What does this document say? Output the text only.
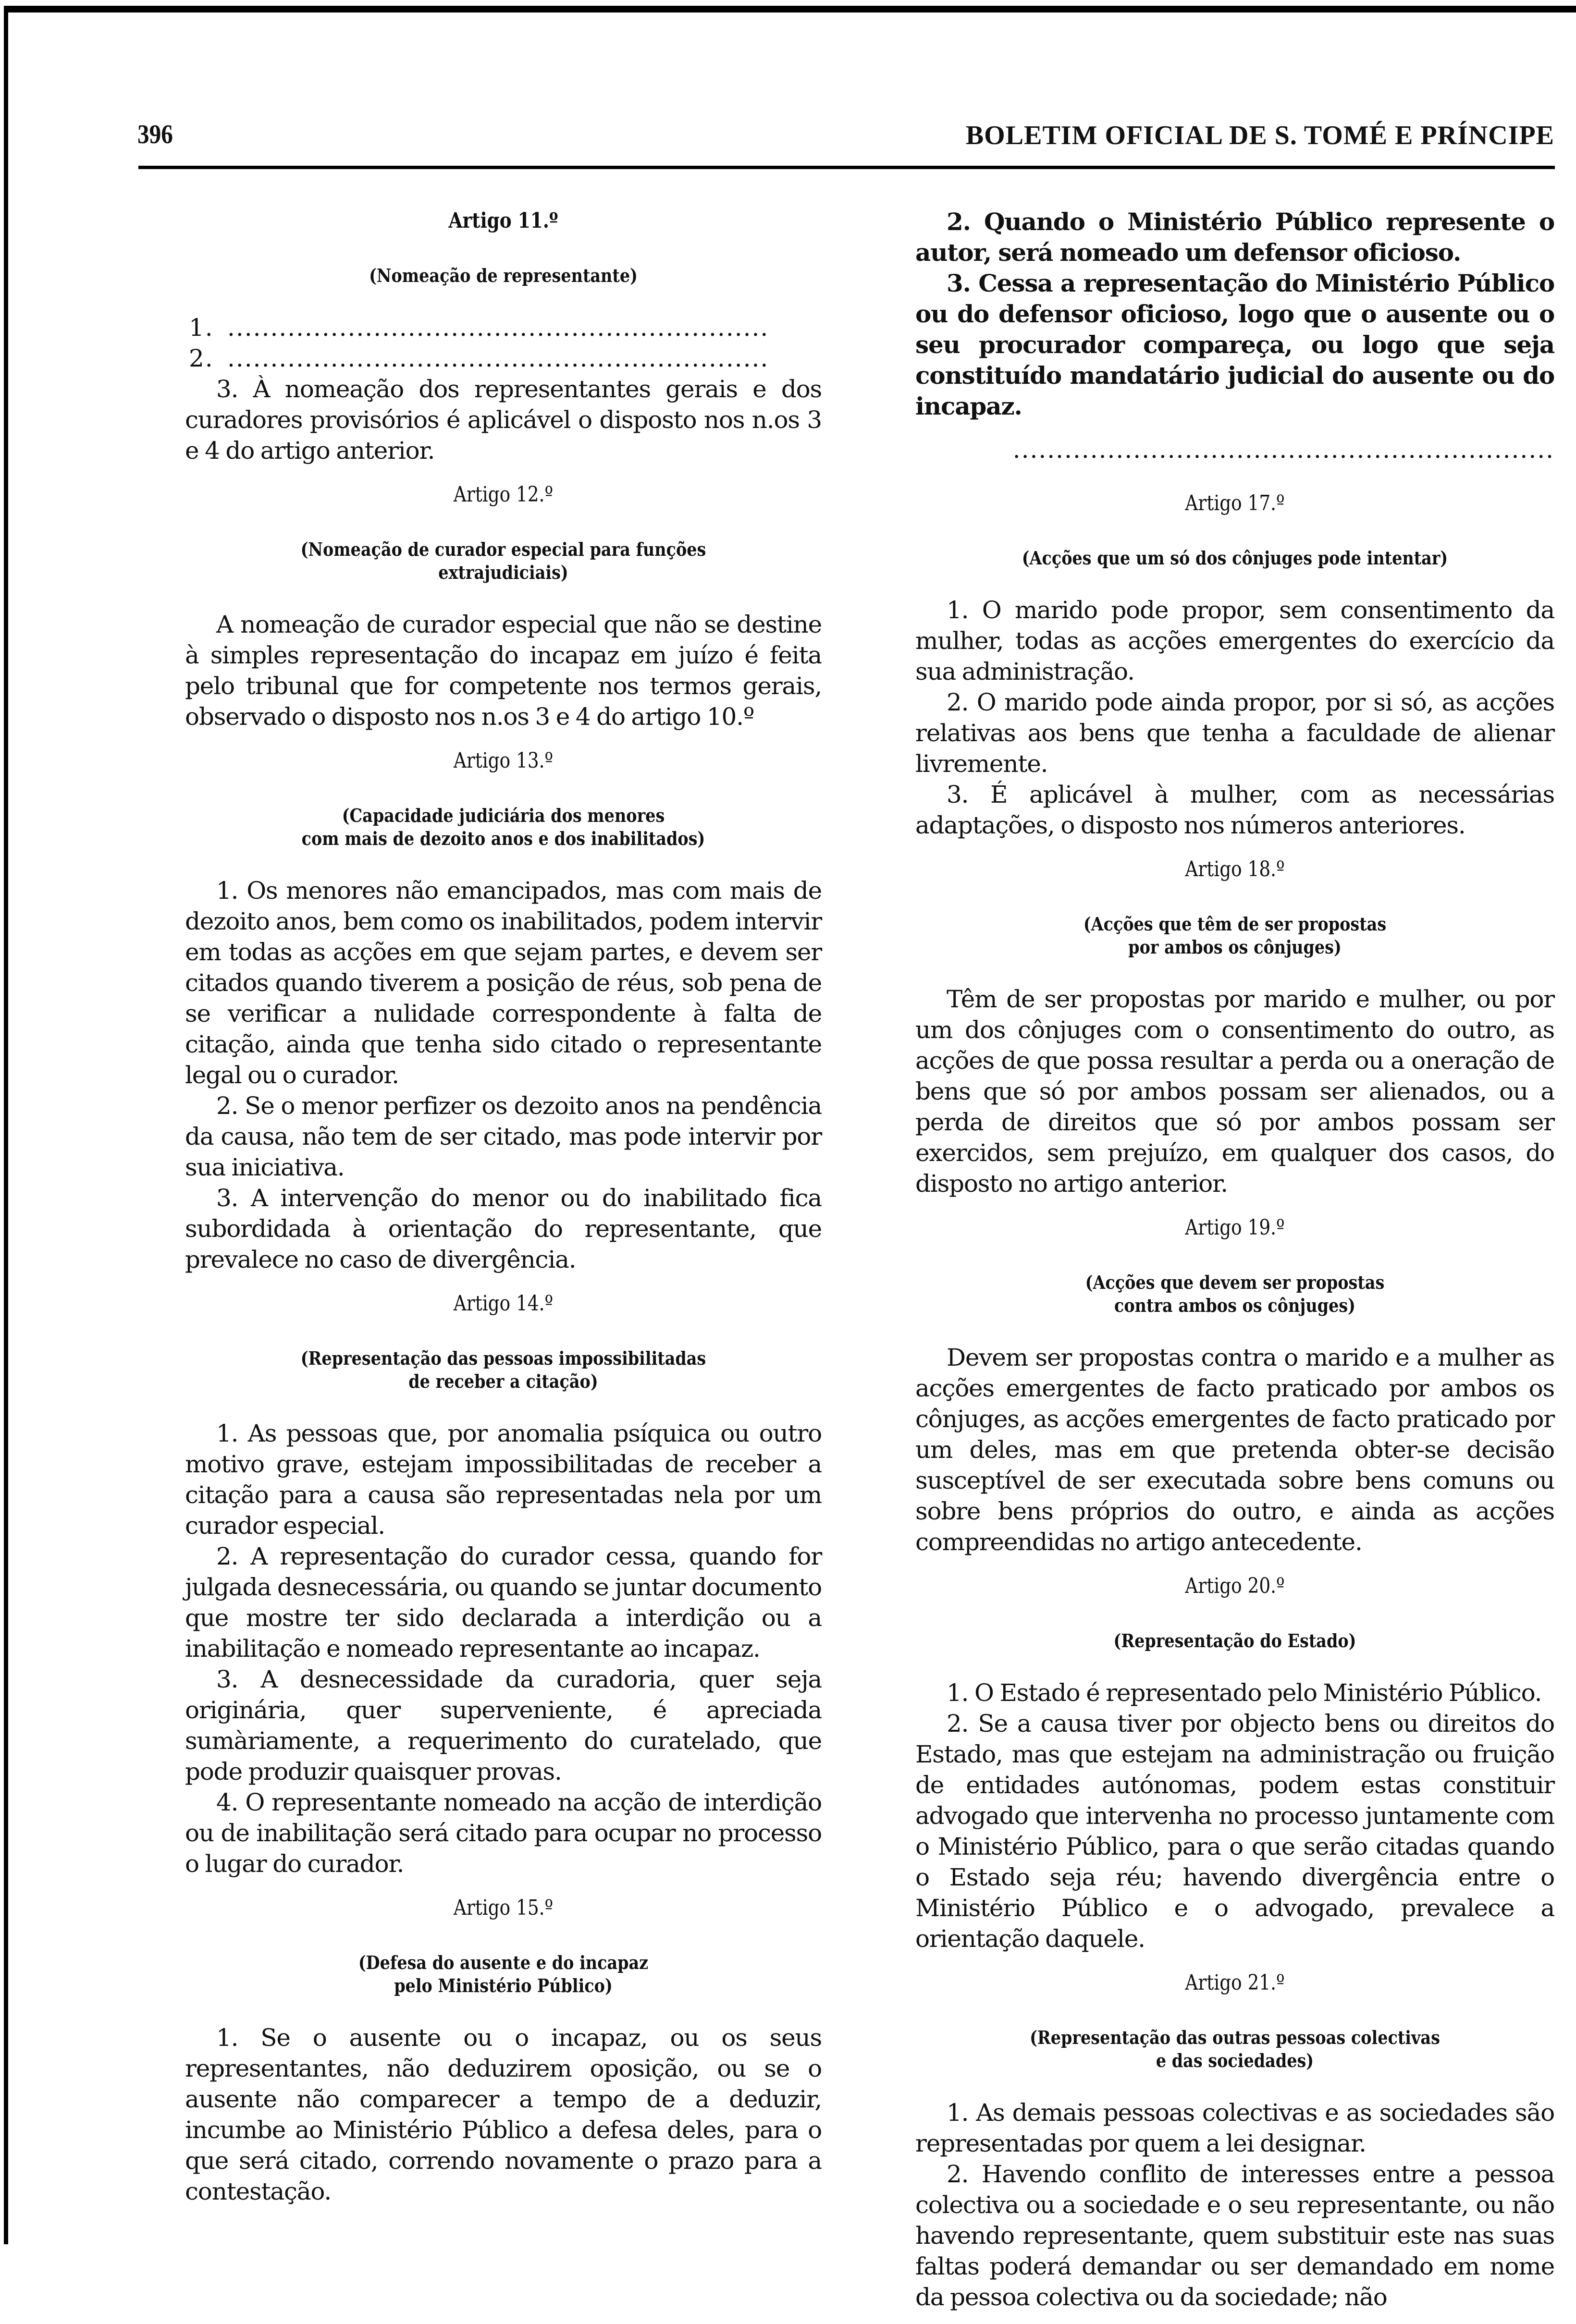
396	BOLETIM OFICIAL DE S. TOMÉ E PRÍNCIPE
Artigo 11.º
(Nomeação de representante)
1. ...............................................................
2. ...............................................................

3. À nomeação dos representantes gerais e dos curadores provisórios é aplicável o disposto nos n.os 3 e 4 do artigo anterior.

Artigo 12.º
(Nomeação de curador especial para funções
extrajudiciais)

A nomeação de curador especial que não se destine à simples representação do incapaz em juízo é feita pelo tribunal que for competente nos termos gerais, observado o disposto nos n.os 3 e 4 do artigo 10.º

Artigo 13.º
(Capacidade judiciária dos menores
com mais de dezoito anos e dos inabilitados)

1. Os menores não emancipados, mas com mais de dezoito anos, bem como os inabilitados, podem intervir em todas as acções em que sejam partes, e devem ser citados quando tiverem a posição de réus, sob pena de se verificar a nulidade correspondente à falta de citação, ainda que tenha sido citado o representante legal ou o curador.

2. Se o menor perfizer os dezoito anos na pendência da causa, não tem de ser citado, mas pode intervir por sua iniciativa.

3. A intervenção do menor ou do inabilitado fica subordidada à orientação do representante, que prevalece no caso de divergência.

Artigo 14.º
(Representação das pessoas impossibilitadas
de receber a citação)

1. As pessoas que, por anomalia psíquica ou outro motivo grave, estejam impossibilitadas de receber a citação para a causa são representadas nela por um curador especial.

2. A representação do curador cessa, quando for julgada desnecessária, ou quando se juntar documento que mostre ter sido declarada a interdição ou a inabilitação e nomeado representante ao incapaz.

3. A desnecessidade da curadoria, quer seja originária, quer superveniente, é apreciada sumàriamente, a requerimento do curatelado, que pode produzir quaisquer provas.

4. O representante nomeado na acção de interdição ou de inabilitação será citado para ocupar no processo o lugar do curador.

Artigo 15.º
(Defesa do ausente e do incapaz
pelo Ministério Público)

1. Se o ausente ou o incapaz, ou os seus representantes, não deduzirem oposição, ou se o ausente não comparecer a tempo de a deduzir, incumbe ao Ministério Público a defesa deles, para o que será citado, correndo novamente o prazo para a contestação.

2. Quando o Ministério Público represente o autor, será nomeado um defensor oficioso.

3. Cessa a representação do Ministério Público ou do defensor oficioso, logo que o ausente ou o seu procurador compareça, ou logo que seja constituído mandatário judicial do ausente ou do incapaz.

...............................................................
Artigo 17.º
(Acções que um só dos cônjuges pode intentar)

1. O marido pode propor, sem consentimento da mulher, todas as acções emergentes do exercício da sua administração.

2. O marido pode ainda propor, por si só, as acções relativas aos bens que tenha a faculdade de alienar livremente.

3. É aplicável à mulher, com as necessárias adaptações, o disposto nos números anteriores.

Artigo 18.º
(Acções que têm de ser propostas
por ambos os cônjuges)

Têm de ser propostas por marido e mulher, ou por um dos cônjuges com o consentimento do outro, as acções de que possa resultar a perda ou a oneração de bens que só por ambos possam ser alienados, ou a perda de direitos que só por ambos possam ser exercidos, sem prejuízo, em qualquer dos casos, do disposto no artigo anterior.

Artigo 19.º
(Acções que devem ser propostas
contra ambos os cônjuges)

Devem ser propostas contra o marido e a mulher as acções emergentes de facto praticado por ambos os cônjuges, as acções emergentes de facto praticado por um deles, mas em que pretenda obter-se decisão susceptível de ser executada sobre bens comuns ou sobre bens próprios do outro, e ainda as acções compreendidas no artigo antecedente.

Artigo 20.º
(Representação do Estado)

1. O Estado é representado pelo Ministério Público.

2. Se a causa tiver por objecto bens ou direitos do Estado, mas que estejam na administração ou fruição de entidades autónomas, podem estas constituir advogado que intervenha no processo juntamente com o Ministério Público, para o que serão citadas quando o Estado seja réu; havendo divergência entre o Ministério Público e o advogado, prevalece a orientação daquele.

Artigo 21.º
(Representação das outras pessoas colectivas
e das sociedades)

1. As demais pessoas colectivas e as sociedades são representadas por quem a lei designar.

2. Havendo conflito de interesses entre a pessoa colectiva ou a sociedade e o seu representante, ou não havendo representante, quem substituir este nas suas faltas poderá demandar ou ser demandado em nome da pessoa colectiva ou da sociedade; não
